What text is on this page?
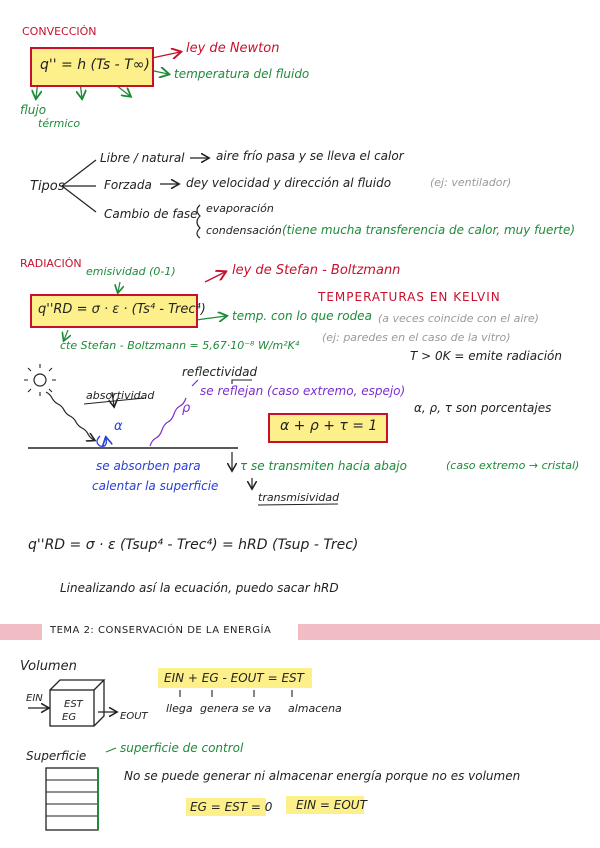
CONVECCIÓN
q'' = h (Ts - T∞)
ley de Newton
temperatura del fluido
flujo
térmico
Tipos
Libre / natural	aire frío pasa y se lleva el calor
Forzada	dey velocidad y dirección al fluido	(ej: ventilador)
Cambio de fase evaporación
condensación (tiene mucha transferencia de calor, muy fuerte)
RADIACIÓN
emisividad (0-1)	ley de Stefan - Boltzmann
TEMPERATURAS EN KELVIN
q''RD = σ · ε · (Ts⁴ - Trec⁴) temp. con lo que rodea (a veces coincide con el aire)
(ej: paredes en el caso de la vitro)
cte Stefan - Boltzmann = 5,67·10⁻⁸ W/m²K⁴
T > 0K = emite radiación
reflectividad
se reflejan (caso extremo, espejo)
absortividad
α
ρ	α, ρ, τ son porcentajes
α + ρ + τ = 1
se absorben para
calentar la superficie
τ se transmiten hacia abajo	(caso extremo → cristal)
transmisividad
q''RD = σ · ε (Tsup⁴ - Trec⁴) = hRD (Tsup - Trec)
Linealizando así la ecuación, puedo sacar hRD
TEMA 2: CONSERVACIÓN DE LA ENERGÍA
Volumen
EIN
EST
EG	EOUT
EIN + EG - EOUT = EST
llega genera se va almacena
Superficie
superficie de control
No se puede generar ni almacenar energía porque no es volumen
EG = EST = 0 EIN = EOUT
